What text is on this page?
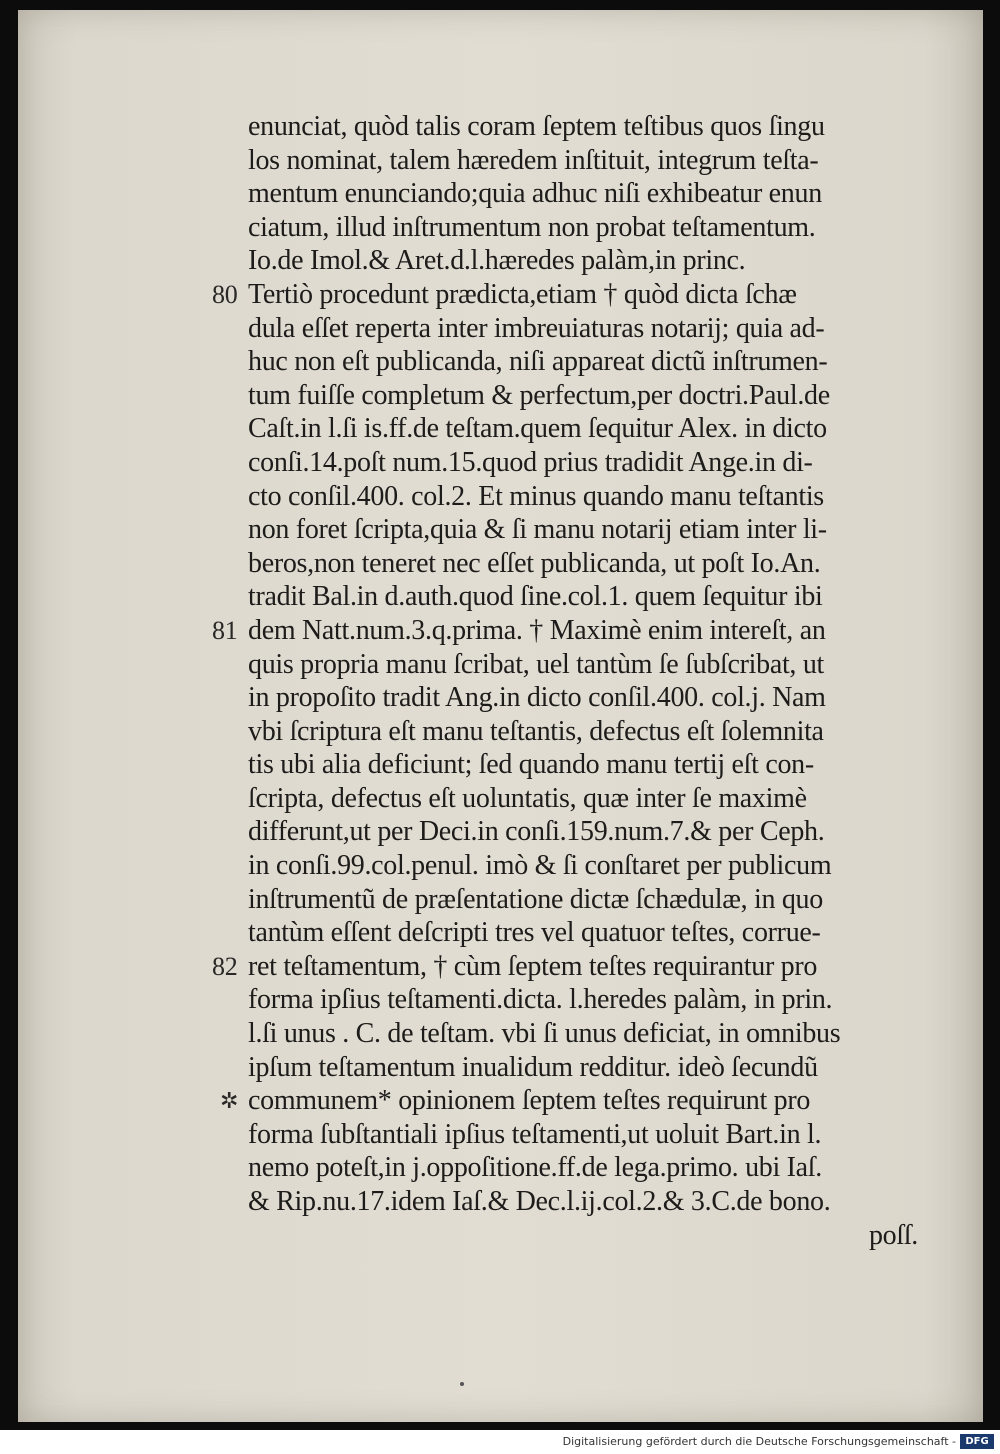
enunciat, quòd talis coram ſeptem teſtibus quos ſingu
los nominat, talem hæredem inſtituit, integrum teſta-
mentum enunciando;quia adhuc niſi exhibeatur enun
ciatum, illud inſtrumentum non probat teſtamentum.
Io.de Imol.& Aret.d.l.hæredes palàm,in princ.
80 Tertiò procedunt prædicta,etiam † quòd dicta ſchæ
dula eſſet reperta inter imbreuiaturas notarij; quia ad-
huc non eſt publicanda, niſi appareat dictũ inſtrumen-
tum fuiſſe completum & perfectum,per doctri.Paul.de
Caſt.in l.ſi is.ff.de teſtam.quem ſequitur Alex. in dicto
conſi.14.poſt num.15.quod prius tradidit Ange.in di-
cto conſil.400. col.2. Et minus quando manu teſtantis
non foret ſcripta,quia & ſi manu notarij etiam inter li-
beros,non teneret nec eſſet publicanda, ut poſt Io.An.
tradit Bal.in d.auth.quod ſine.col.1. quem ſequitur ibi
81 dem Natt.num.3.q.prima. † Maximè enim intereſt, an
quis propria manu ſcribat, uel tantùm ſe ſubſcribat, ut
in propoſito tradit Ang.in dicto conſil.400. col.j. Nam
vbi ſcriptura eſt manu teſtantis, defectus eſt ſolemnita
tis ubi alia deficiunt; ſed quando manu tertij eſt con-
ſcripta, defectus eſt uoluntatis, quæ inter ſe maximè
differunt,ut per Deci.in conſi.159.num.7.& per Ceph.
in conſi.99.col.penul. imò & ſi conſtaret per publicum
inſtrumentũ de præſentatione dictæ ſchædulæ, in quo
tantùm eſſent deſcripti tres vel quatuor teſtes, corrue-
82 ret teſtamentum, † cùm ſeptem teſtes requirantur pro
forma ipſius teſtamenti.dicta. l.heredes palàm, in prin.
l.ſi unus . C. de teſtam. vbi ſi unus deficiat, in omnibus
ipſum teſtamentum inualidum redditur. ideò ſecundũ
✲ communem* opinionem ſeptem teſtes requirunt pro
forma ſubſtantiali ipſius teſtamenti,ut uoluit Bart.in l.
nemo poteſt,in j.oppoſitione.ff.de lega.primo. ubi Iaſ.
& Rip.nu.17.idem Iaſ.& Dec.l.ij.col.2.& 3.C.de bono.
poſſ.
Digitalisierung gefördert durch die Deutsche Forschungsgemeinschaft - DFG
